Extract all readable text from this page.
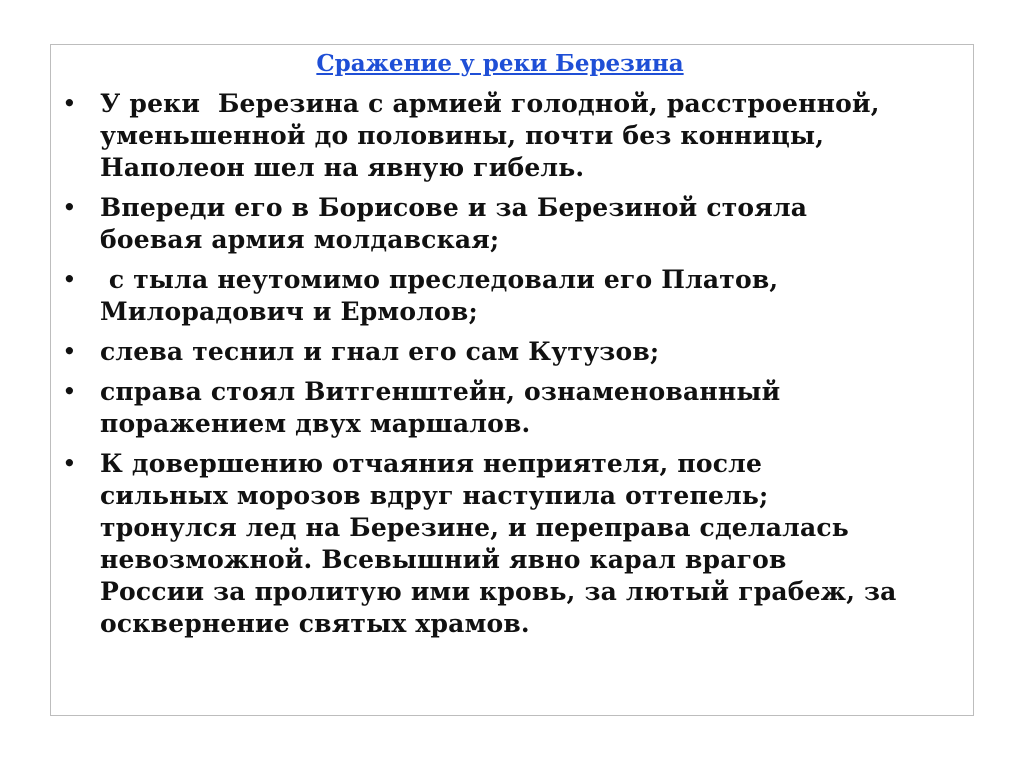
Сражение у реки Березина
• У реки  Березина с армией голодной, расстроенной,
уменьшенной до половины, почти без конницы,
Наполеон шел на явную гибель.
• Впереди его в Борисове и за Березиной стояла
боевая армия молдавская;
•	с тыла неутомимо преследовали его Платов,
Милорадович и Ермолов;
• слева теснил и гнал его сам Кутузов;
• справа стоял Витгенштейн, ознаменованный
поражением двух маршалов.
• К довершению отчаяния неприятеля, после
сильных морозов вдруг наступила оттепель;
тронулся лед на Березине, и переправа сделалась
невозможной. Всевышний явно карал врагов
России за пролитую ими кровь, за лютый грабеж, за
осквернение святых храмов.
